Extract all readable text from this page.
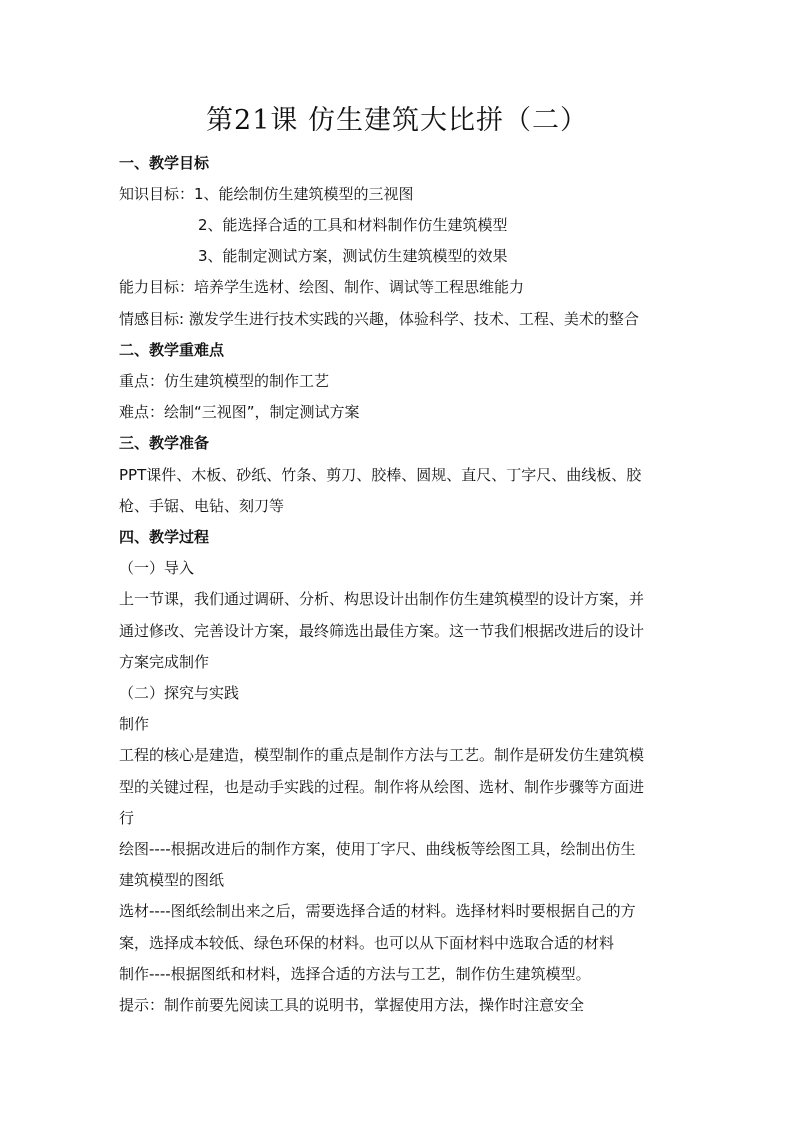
第21课 仿生建筑大比拼（二）
一、教学目标
知识目标：1、能绘制仿生建筑模型的三视图
2、能选择合适的工具和材料制作仿生建筑模型
3、能制定测试方案，测试仿生建筑模型的效果
能力目标：培养学生选材、绘图、制作、调试等工程思维能力
情感目标: 激发学生进行技术实践的兴趣，体验科学、技术、工程、美术的整合
二、教学重难点
重点：仿生建筑模型的制作工艺
难点：绘制“三视图”，制定测试方案
三、教学准备
PPT课件、木板、砂纸、竹条、剪刀、胶棒、圆规、直尺、丁字尺、曲线板、胶
枪、手锯、电钻、刻刀等
四、教学过程
（一）导入
上一节课，我们通过调研、分析、构思设计出制作仿生建筑模型的设计方案，并
通过修改、完善设计方案，最终筛选出最佳方案。这一节我们根据改进后的设计
方案完成制作
（二）探究与实践
制作
工程的核心是建造，模型制作的重点是制作方法与工艺。制作是研发仿生建筑模
型的关键过程，也是动手实践的过程。制作将从绘图、选材、制作步骤等方面进
行
绘图----根据改进后的制作方案，使用丁字尺、曲线板等绘图工具，绘制出仿生
建筑模型的图纸
选材----图纸绘制出来之后，需要选择合适的材料。选择材料时要根据自己的方
案，选择成本较低、绿色环保的材料。也可以从下面材料中选取合适的材料
制作----根据图纸和材料，选择合适的方法与工艺，制作仿生建筑模型。
提示：制作前要先阅读工具的说明书，掌握使用方法，操作时注意安全
